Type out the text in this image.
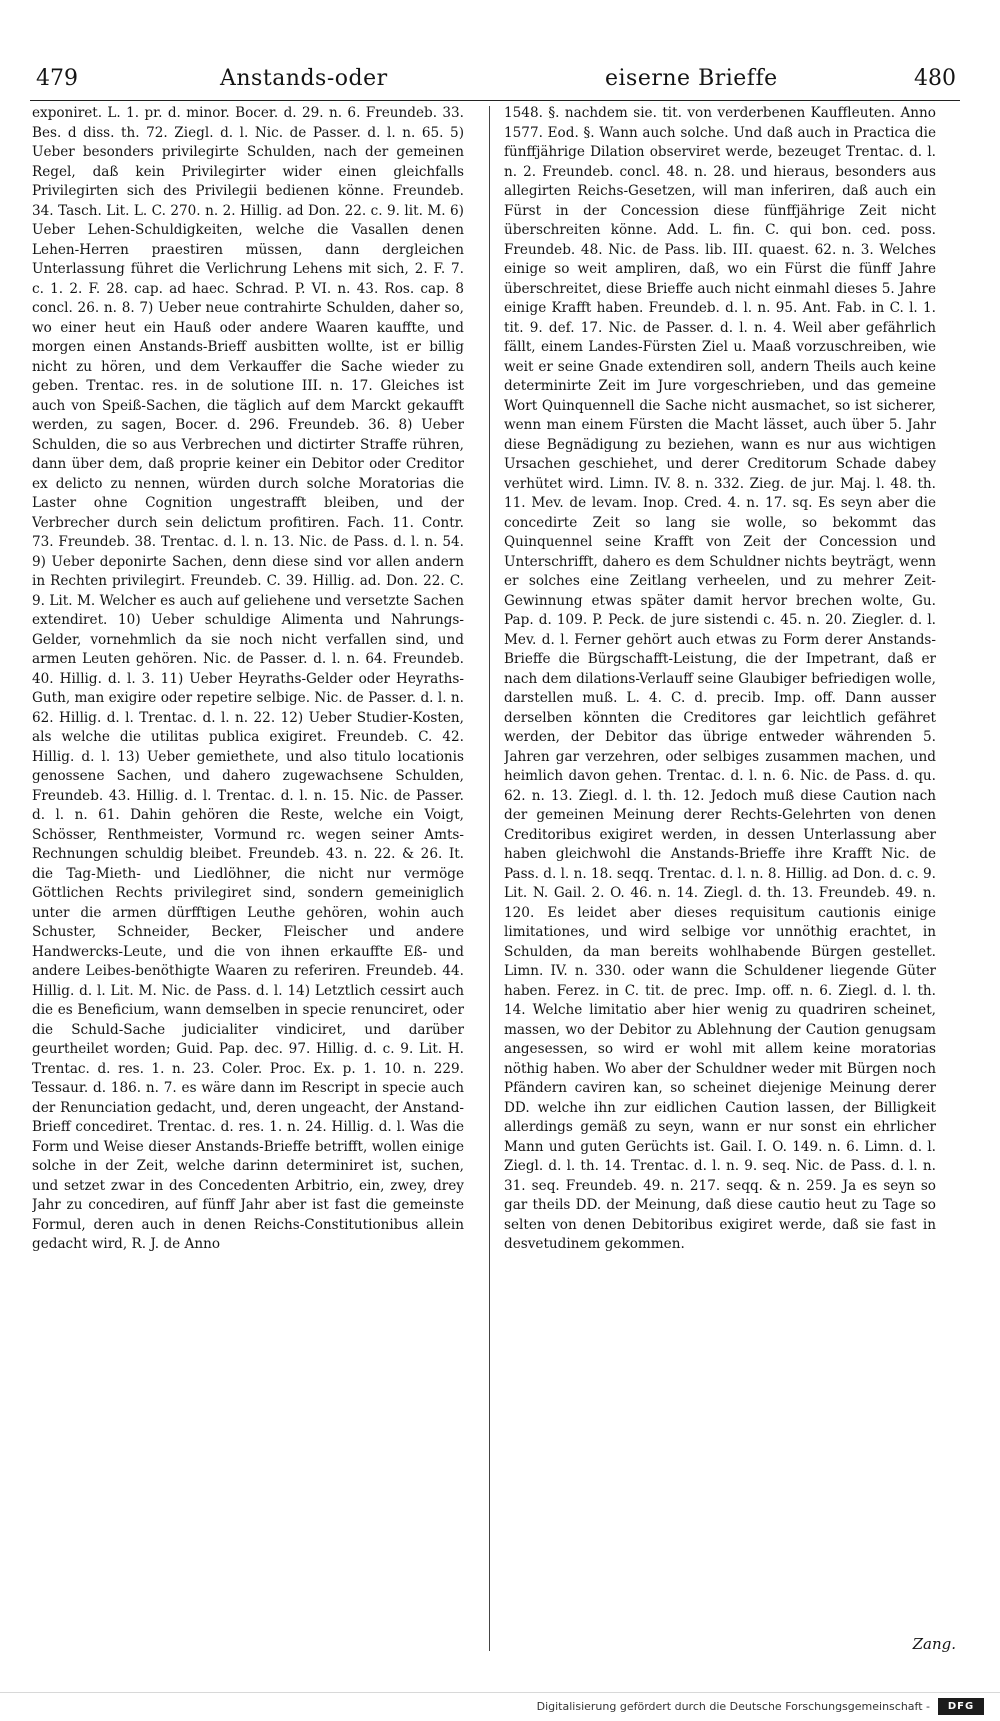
479	Anstands-oder	eiserne Brieffe	480

exponiret. L. 1. pr. d. minor. Bocer. d. 29. n. 6. Freundeb. 33. Bes. d diss. th. 72. Ziegl. d. l. Nic. de Passer. d. l. n. 65. 5) Ueber besonders privilegirte Schulden, nach der gemeinen Regel, daß kein Privilegirter wider einen gleichfalls Privilegirten sich des Privilegii bedienen könne. Freundeb. 34. Tasch. Lit. L. C. 270. n. 2. Hillig. ad Don. 22. c. 9. lit. M. 6) Ueber Lehen-Schuldigkeiten, welche die Vasallen denen Lehen-Herren praestiren müssen, dann dergleichen Unterlassung führet die Verlichrung Lehens mit sich, 2. F. 7. c. 1. 2. F. 28. cap. ad haec. Schrad. P. VI. n. 43. Ros. cap. 8 concl. 26. n. 8. 7) Ueber neue contrahirte Schulden, daher so, wo einer heut ein Hauß oder andere Waaren kauffte, und morgen einen Anstands-Brieff ausbitten wollte, ist er billig nicht zu hören, und dem Verkauffer die Sache wieder zu geben. Trentac. res. in de solutione III. n. 17. Gleiches ist auch von Speiß-Sachen, die täglich auf dem Marckt gekaufft werden, zu sagen, Bocer. d. 296. Freundeb. 36. 8) Ueber Schulden, die so aus Verbrechen und dictirter Straffe rühren, dann über dem, daß proprie keiner ein Debitor oder Creditor ex delicto zu nennen, würden durch solche Moratorias die Laster ohne Cognition ungestrafft bleiben, und der Verbrecher durch sein delictum profitiren. Fach. 11. Contr. 73. Freundeb. 38. Trentac. d. l. n. 13. Nic. de Pass. d. l. n. 54. 9) Ueber deponirte Sachen, denn diese sind vor allen andern in Rechten privilegirt. Freundeb. C. 39. Hillig. ad. Don. 22. C. 9. Lit. M. Welcher es auch auf geliehene und versetzte Sachen extendiret. 10) Ueber schuldige Alimenta und Nahrungs-Gelder, vornehmlich da sie noch nicht verfallen sind, und armen Leuten gehören. Nic. de Passer. d. l. n. 64. Freundeb. 40. Hillig. d. l. 3. 11) Ueber Heyraths-Gelder oder Heyraths-Guth, man exigire oder repetire selbige. Nic. de Passer. d. l. n. 62. Hillig. d. l. Trentac. d. l. n. 22. 12) Ueber Studier-Kosten, als welche die utilitas publica exigiret. Freundeb. C. 42. Hillig. d. l. 13) Ueber gemiethete, und also titulo locationis genossene Sachen, und dahero zugewachsene Schulden, Freundeb. 43. Hillig. d. l. Trentac. d. l. n. 15. Nic. de Passer. d. l. n. 61. Dahin gehören die Reste, welche ein Voigt, Schösser, Renthmeister, Vormund rc. wegen seiner Amts-Rechnungen schuldig bleibet. Freundeb. 43. n. 22. & 26. It. die Tag-Mieth- und Liedlöhner, die nicht nur vermöge Göttlichen Rechts privilegiret sind, sondern gemeiniglich unter die armen dürfftigen Leuthe gehören, wohin auch Schuster, Schneider, Becker, Fleischer und andere Handwercks-Leute, und die von ihnen erkauffte Eß- und andere Leibes-benöthigte Waaren zu referiren. Freundeb. 44. Hillig. d. l. Lit. M. Nic. de Pass. d. l. 14) Letztlich cessirt auch die es Beneficium, wann demselben in specie renunciret, oder die Schuld-Sache judicialiter vindiciret, und darüber geurtheilet worden; Guid. Pap. dec. 97. Hillig. d. c. 9. Lit. H. Trentac. d. res. 1. n. 23. Coler. Proc. Ex. p. 1. 10. n. 229. Tessaur. d. 186. n. 7. es wäre dann im Rescript in specie auch der Renunciation gedacht, und, deren ungeacht, der Anstand-Brieff concediret. Trentac. d. res. 1. n. 24. Hillig. d. l. Was die Form und Weise dieser Anstands-Brieffe betrifft, wollen einige solche in der Zeit, welche darinn determiniret ist, suchen, und setzet zwar in des Concedenten Arbitrio, ein, zwey, drey Jahr zu concediren, auf fünff Jahr aber ist fast die gemeinste Formul, deren auch in denen Reichs-Constitutionibus allein gedacht wird, R. J. de Anno

1548. §. nachdem sie. tit. von verderbenen Kauffleuten. Anno 1577. Eod. §. Wann auch solche. Und daß auch in Practica die fünffjährige Dilation observiret werde, bezeuget Trentac. d. l. n. 2. Freundeb. concl. 48. n. 28. und hieraus, besonders aus allegirten Reichs-Gesetzen, will man inferiren, daß auch ein Fürst in der Concession diese fünffjährige Zeit nicht überschreiten könne. Add. L. fin. C. qui bon. ced. poss. Freundeb. 48. Nic. de Pass. lib. III. quaest. 62. n. 3. Welches einige so weit ampliren, daß, wo ein Fürst die fünff Jahre überschreitet, diese Brieffe auch nicht einmahl dieses 5. Jahre einige Krafft haben. Freundeb. d. l. n. 95. Ant. Fab. in C. l. 1. tit. 9. def. 17. Nic. de Passer. d. l. n. 4. Weil aber gefährlich fällt, einem Landes-Fürsten Ziel u. Maaß vorzuschreiben, wie weit er seine Gnade extendiren soll, andern Theils auch keine determinirte Zeit im Jure vorgeschrieben, und das gemeine Wort Quinquennell die Sache nicht ausmachet, so ist sicherer, wenn man einem Fürsten die Macht lässet, auch über 5. Jahr diese Begnädigung zu beziehen, wann es nur aus wichtigen Ursachen geschiehet, und derer Creditorum Schade dabey verhütet wird. Limn. IV. 8. n. 332. Zieg. de jur. Maj. l. 48. th. 11. Mev. de levam. Inop. Cred. 4. n. 17. sq. Es seyn aber die concedirte Zeit so lang sie wolle, so bekommt das Quinquennel seine Krafft von Zeit der Concession und Unterschrifft, dahero es dem Schuldner nichts beyträgt, wenn er solches eine Zeitlang verheelen, und zu mehrer Zeit-Gewinnung etwas später damit hervor brechen wolte, Gu. Pap. d. 109. P. Peck. de jure sistendi c. 45. n. 20. Ziegler. d. l. Mev. d. l. Ferner gehört auch etwas zu Form derer Anstands-Brieffe die Bürgschafft-Leistung, die der Impetrant, daß er nach dem dilations-Verlauff seine Glaubiger befriedigen wolle, darstellen muß. L. 4. C. d. precib. Imp. off. Dann ausser derselben könnten die Creditores gar leichtlich gefähret werden, der Debitor das übrige entweder währenden 5. Jahren gar verzehren, oder selbiges zusammen machen, und heimlich davon gehen. Trentac. d. l. n. 6. Nic. de Pass. d. qu. 62. n. 13. Ziegl. d. l. th. 12. Jedoch muß diese Caution nach der gemeinen Meinung derer Rechts-Gelehrten von denen Creditoribus exigiret werden, in dessen Unterlassung aber haben gleichwohl die Anstands-Brieffe ihre Krafft Nic. de Pass. d. l. n. 18. seqq. Trentac. d. l. n. 8. Hillig. ad Don. d. c. 9. Lit. N. Gail. 2. O. 46. n. 14. Ziegl. d. th. 13. Freundeb. 49. n. 120. Es leidet aber dieses requisitum cautionis einige limitationes, und wird selbige vor unnöthig erachtet, in Schulden, da man bereits wohlhabende Bürgen gestellet. Limn. IV. n. 330. oder wann die Schuldener liegende Güter haben. Ferez. in C. tit. de prec. Imp. off. n. 6. Ziegl. d. l. th. 14. Welche limitatio aber hier wenig zu quadriren scheinet, massen, wo der Debitor zu Ablehnung der Caution genugsam angesessen, so wird er wohl mit allem keine moratorias nöthig haben. Wo aber der Schuldner weder mit Bürgen noch Pfändern caviren kan, so scheinet diejenige Meinung derer DD. welche ihn zur eidlichen Caution lassen, der Billigkeit allerdings gemäß zu seyn, wann er nur sonst ein ehrlicher Mann und guten Gerüchts ist. Gail. I. O. 149. n. 6. Limn. d. l. Ziegl. d. l. th. 14. Trentac. d. l. n. 9. seq. Nic. de Pass. d. l. n. 31. seq. Freundeb. 49. n. 217. seqq. & n. 259. Ja es seyn so gar theils DD. der Meinung, daß diese cautio heut zu Tage so selten von denen Debitoribus exigiret werde, daß sie fast in desvetudinem gekommen.

Zang.
Digitalisierung gefördert durch die Deutsche Forschungsgemeinschaft -	DFG
